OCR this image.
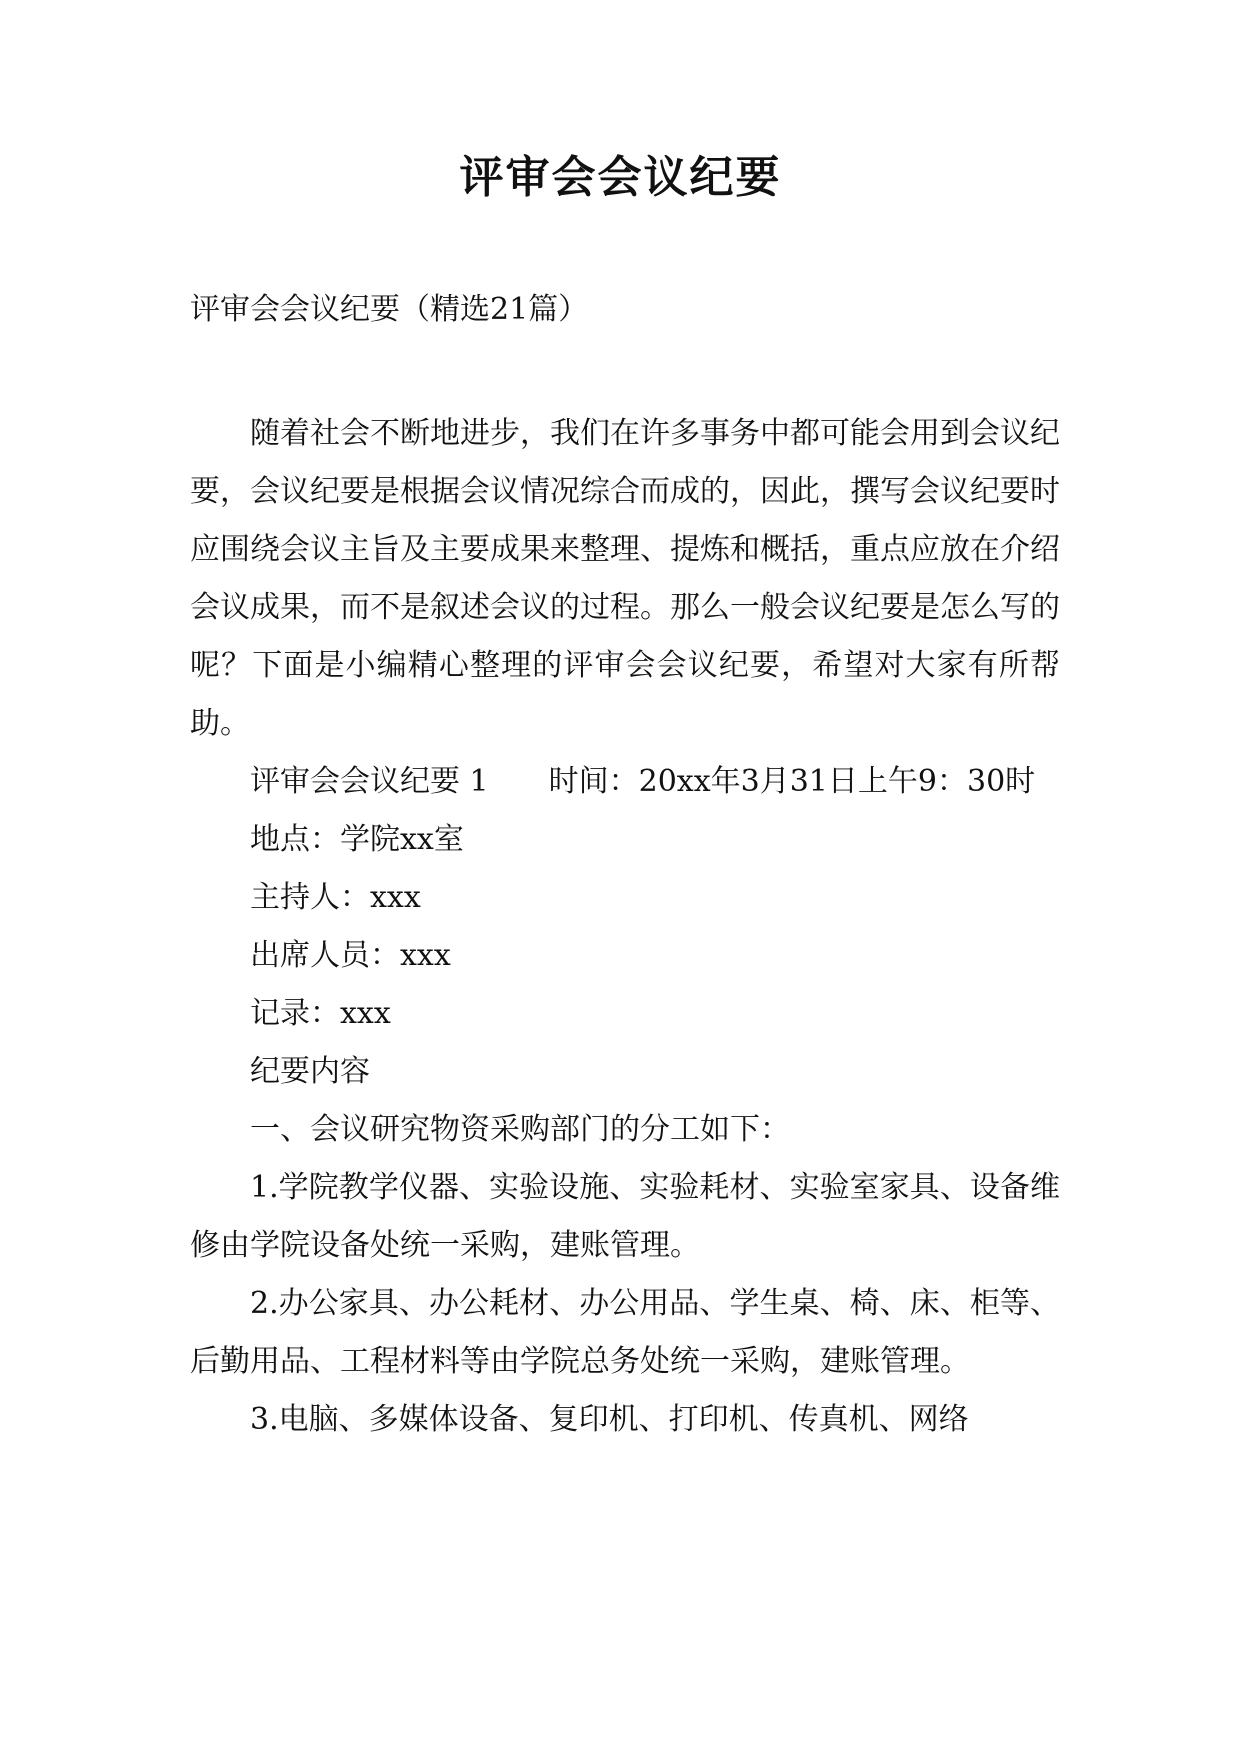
评审会会议纪要
评审会会议纪要（精选21篇）

随着社会不断地进步，我们在许多事务中都可能会用到会议纪要，会议纪要是根据会议情况综合而成的，因此，撰写会议纪要时应围绕会议主旨及主要成果来整理、提炼和概括，重点应放在介绍会议成果，而不是叙述会议的过程。那么一般会议纪要是怎么写的呢？下面是小编精心整理的评审会会议纪要，希望对大家有所帮助。

评审会会议纪要 1　　时间：20xx年3月31日上午9：30时

地点：学院xx室

主持人：xxx

出席人员：xxx

记录：xxx

纪要内容

一、会议研究物资采购部门的分工如下：

1.学院教学仪器、实验设施、实验耗材、实验室家具、设备维修由学院设备处统一采购，建账管理。

2.办公家具、办公耗材、办公用品、学生桌、椅、床、柜等、后勤用品、工程材料等由学院总务处统一采购，建账管理。

3.电脑、多媒体设备、复印机、打印机、传真机、网络
